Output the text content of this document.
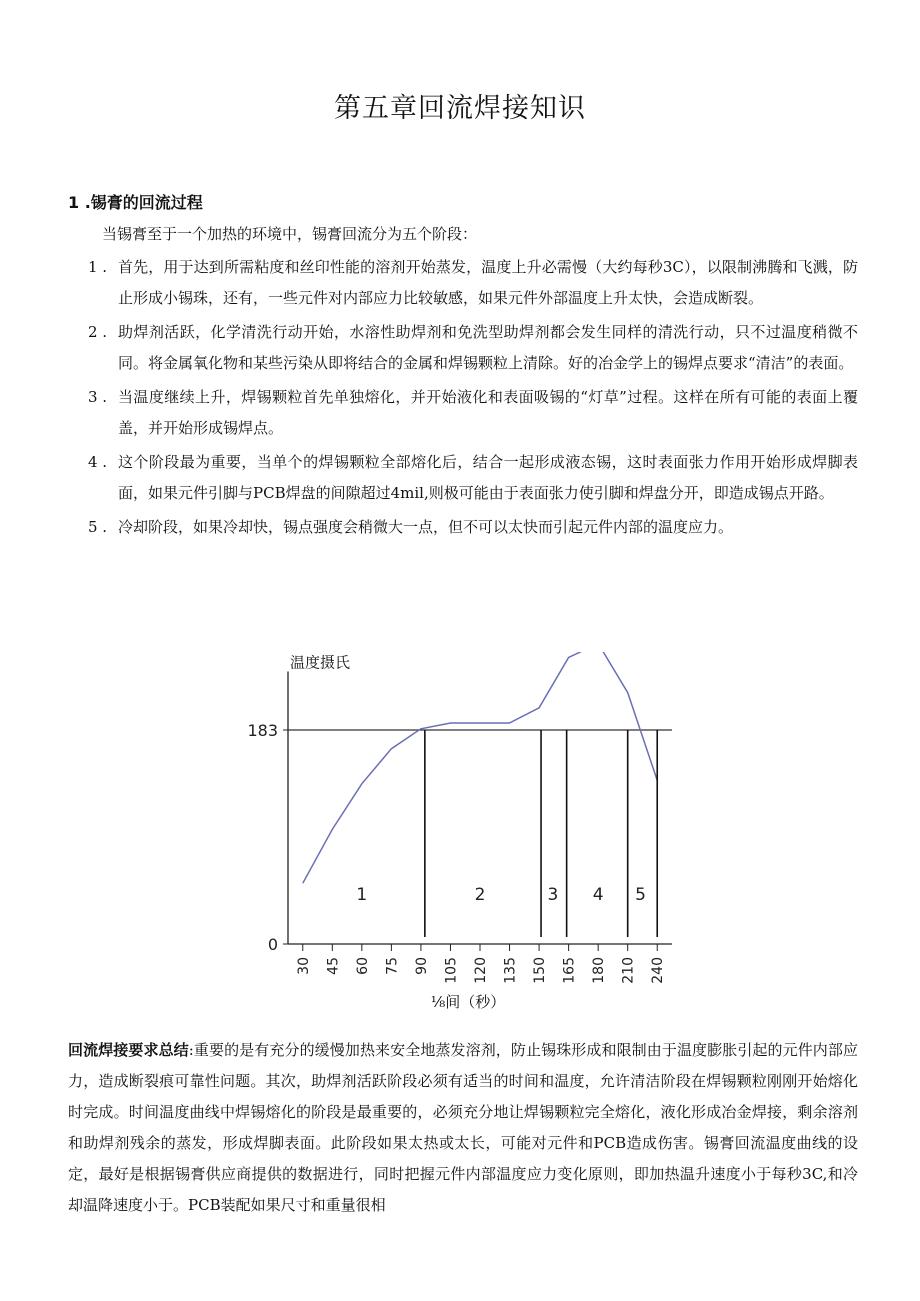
第五章回流焊接知识
1 .锡膏的回流过程
当锡膏至于一个加热的环境中，锡膏回流分为五个阶段：
1 . 首先，用于达到所需粘度和丝印性能的溶剂开始蒸发，温度上升必需慢（大约每秒3C），以限制沸腾和飞溅，防止形成小锡珠，还有，一些元件对内部应力比较敏感，如果元件外部温度上升太快，会造成断裂。
2 . 助焊剂活跃，化学清洗行动开始，水溶性助焊剂和免洗型助焊剂都会发生同样的清洗行动，只不过温度稍微不同。将金属氧化物和某些污染从即将结合的金属和焊锡颗粒上清除。好的冶金学上的锡焊点要求“清洁”的表面。
3 . 当温度继续上升，焊锡颗粒首先单独熔化，并开始液化和表面吸锡的“灯草”过程。这样在所有可能的表面上覆盖，并开始形成锡焊点。
4 . 这个阶段最为重要，当单个的焊锡颗粒全部熔化后，结合一起形成液态锡，这时表面张力作用开始形成焊脚表面，如果元件引脚与PCB焊盘的间隙超过4mil,则极可能由于表面张力使引脚和焊盘分开，即造成锡点开路。
5 . 冷却阶段，如果冷却快，锡点强度会稍微大一点，但不可以太快而引起元件内部的温度应力。
温度摄氏
0
183
30 45 60 75 90 105 120 135 150 165 180 210 240
⅛间（秒）
1	2	3 4 5
回流焊接要求总结:重要的是有充分的缓慢加热来安全地蒸发溶剂，防止锡珠形成和限制由于温度膨胀引起的元件内部应力，造成断裂痕可靠性问题。其次，助焊剂活跃阶段必须有适当的时间和温度，允许清洁阶段在焊锡颗粒刚刚开始熔化时完成。时间温度曲线中焊锡熔化的阶段是最重要的，必须充分地让焊锡颗粒完全熔化，液化形成冶金焊接，剩余溶剂和助焊剂残余的蒸发，形成焊脚表面。此阶段如果太热或太长，可能对元件和PCB造成伤害。锡膏回流温度曲线的设定，最好是根据锡膏供应商提供的数据进行，同时把握元件内部温度应力变化原则，即加热温升速度小于每秒3C,和冷却温降速度小于。PCB装配如果尺寸和重量很相
